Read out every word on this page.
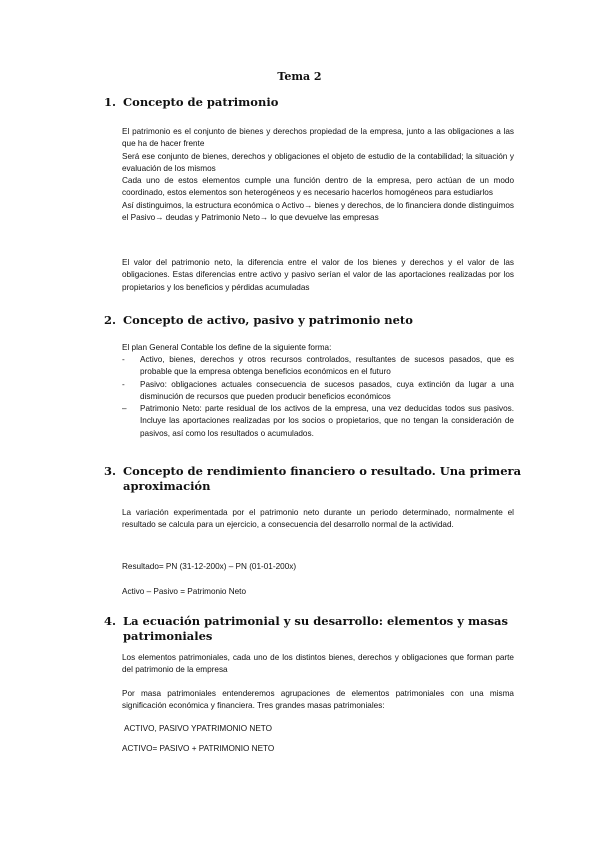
Tema 2
1. Concepto de patrimonio

El patrimonio es el conjunto de bienes y derechos propiedad de la empresa, junto a las obligaciones a las que ha de hacer frente

Será ese conjunto de bienes, derechos y obligaciones el objeto de estudio de la contabilidad; la situación y evaluación de los mismos

Cada uno de estos elementos cumple una función dentro de la empresa, pero actúan de un modo coordinado, estos elementos son heterogéneos y es necesario hacerlos homogéneos para estudiarlos

Así distinguimos, la estructura económica o Activo→ bienes y derechos, de lo financiera donde distinguimos el Pasivo→ deudas y Patrimonio Neto→ lo que devuelve las empresas

El valor del patrimonio neto, la diferencia entre el valor de los bienes y derechos y el valor de las obligaciones. Estas diferencias entre activo y pasivo serían el valor de las aportaciones realizadas por los propietarios y los beneficios y pérdidas acumuladas

2. Concepto de activo, pasivo y patrimonio neto

El plan General Contable los define de la siguiente forma:

- Activo, bienes, derechos y otros recursos controlados, resultantes de sucesos pasados, que es probable que la empresa obtenga beneficios económicos en el futuro
- Pasivo: obligaciones actuales consecuencia de sucesos pasados, cuya extinción da lugar a una disminución de recursos que pueden producir beneficios económicos
– Patrimonio Neto: parte residual de los activos de la empresa, una vez deducidas todos sus pasivos. Incluye las aportaciones realizadas por los socios o propietarios, que no tengan la consideración de pasivos, así como los resultados o acumulados.
3. Concepto de rendimiento financiero o resultado. Una primera aproximación

La variación experimentada por el patrimonio neto durante un periodo determinado, normalmente el resultado se calcula para un ejercicio, a consecuencia del desarrollo normal de la actividad.

Resultado= PN (31-12-200x) – PN (01-01-200x)
Activo – Pasivo = Patrimonio Neto
4. La ecuación patrimonial y su desarrollo: elementos y masas patrimoniales

Los elementos patrimoniales, cada uno de los distintos bienes, derechos y obligaciones que forman parte del patrimonio de la empresa

Por masa patrimoniales entenderemos agrupaciones de elementos patrimoniales con una misma significación económica y financiera. Tres grandes masas patrimoniales:

ACTIVO, PASIVO YPATRIMONIO NETO
ACTIVO= PASIVO + PATRIMONIO NETO
